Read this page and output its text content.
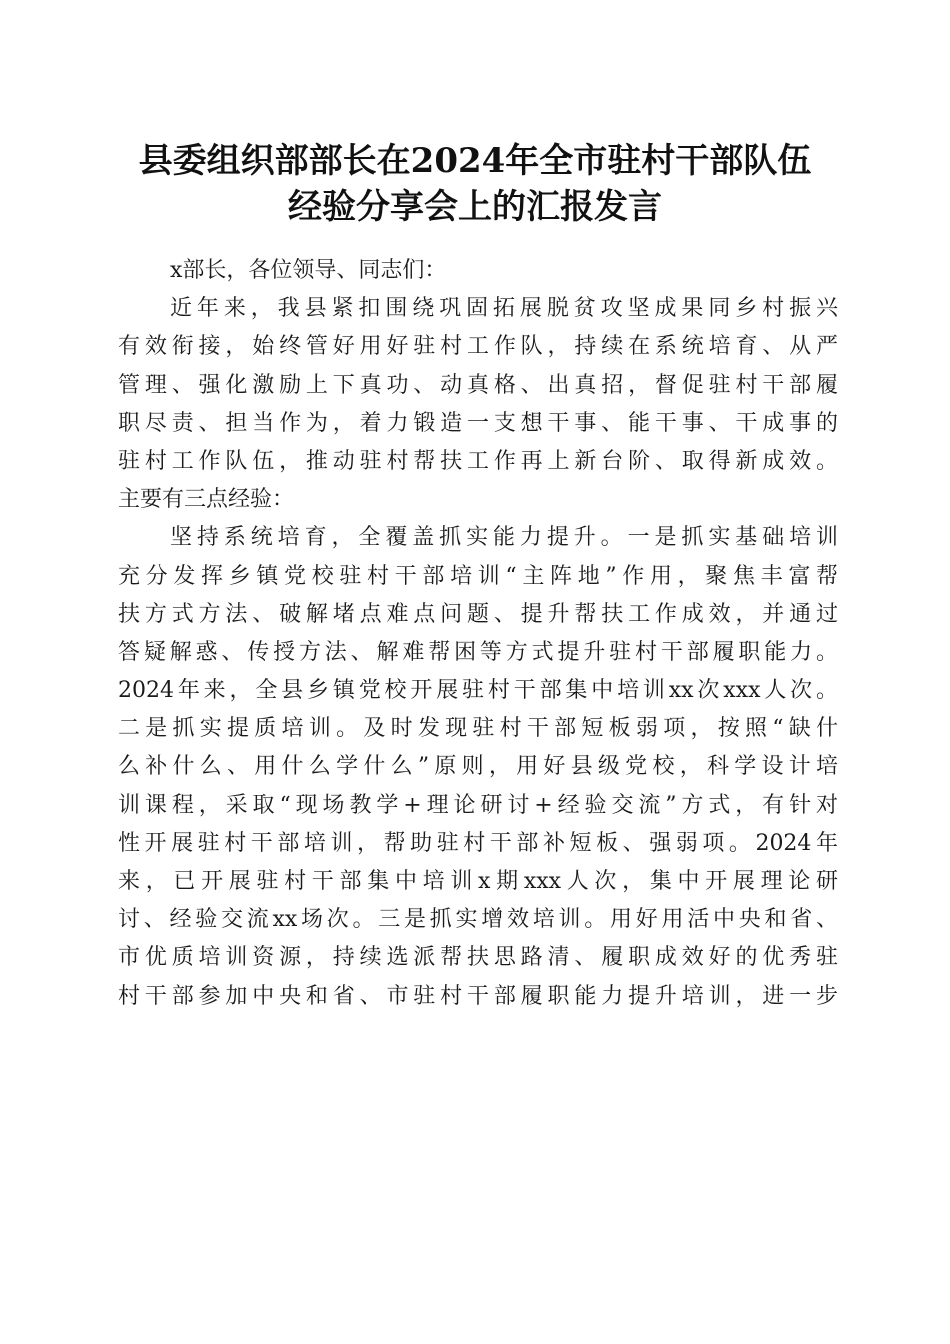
县委组织部部长在2024年全市驻村干部队伍
经验分享会上的汇报发言
x部长，各位领导、同志们：
近年来，我县紧扣围绕巩固拓展脱贫攻坚成果同乡村振兴
有效衔接，始终管好用好驻村工作队，持续在系统培育、从严
管理、强化激励上下真功、动真格、出真招，督促驻村干部履
职尽责、担当作为，着力锻造一支想干事、能干事、干成事的
驻村工作队伍，推动驻村帮扶工作再上新台阶、取得新成效。
主要有三点经验：
坚持系统培育，全覆盖抓实能力提升。一是抓实基础培训
充分发挥乡镇党校驻村干部培训“主阵地”作用，聚焦丰富帮
扶方式方法、破解堵点难点问题、提升帮扶工作成效，并通过
答疑解惑、传授方法、解难帮困等方式提升驻村干部履职能力。
2024年来，全县乡镇党校开展驻村干部集中培训xx次xxx人次。
二是抓实提质培训。及时发现驻村干部短板弱项，按照“缺什
么补什么、用什么学什么”原则，用好县级党校，科学设计培
训课程，采取“现场教学+理论研讨+经验交流”方式，有针对
性开展驻村干部培训，帮助驻村干部补短板、强弱项。2024年
来，已开展驻村干部集中培训x期xxx人次，集中开展理论研
讨、经验交流xx场次。三是抓实增效培训。用好用活中央和省、
市优质培训资源，持续选派帮扶思路清、履职成效好的优秀驻
村干部参加中央和省、市驻村干部履职能力提升培训，进一步
